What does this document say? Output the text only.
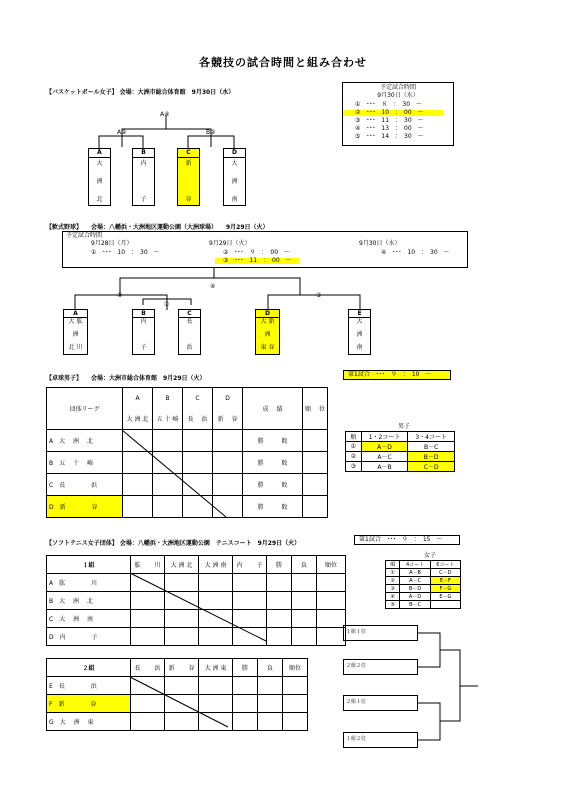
各競技の試合時間と組み合わせ
【バスケットボール女子】 会場：大洲市総合体育館　9月30日（水）
A④
A②	B②
A
大
洲
北
B
内
子
C
新
谷
D
大
洲
南
予定試合時間
9月30日（水）
①　･･･　８　：　30　～
②　･･･　10　：　00　～
③　･･･　11　：　30　～
④　･･･　13　：　00　～
⑤　･･･　14　：　30　～
【軟式野球】　　会場：八幡浜・大洲地区運動公園（大洲球場）　　9月29日（火）
予定試合時間
9月28日（月）
①　･･･　10　：　30　～
9月29日（火）
②　･･･　９　：　00　～
③　･･･　11　：　00　～
9月30日（水）
④　･･･　10　：　30　～
④
②
①
③
A
大 肱
洲
北 川
B
内
子
C
長
浜
D
大 新
洲
東 谷
E
大
洲
南
【卓球男子】　　会場：大洲市総合体育館　9月29日（火）
第1試合　･･･　９　：　10　～
団体リーグ	A	B	C	D	成　 績	順　 位
	大 洲 北	五 十 崎	長　 浜	新　 谷		
A　 大　 洲　 北					勝　　　敗	
B　 五　 十　 崎					勝　　　敗	
C　 長　　　　 浜					勝　　　敗	
D　 新　　　　 谷					勝　　　敗	
男子
順	1・2コート	3・4コート
①	A－D	B－C
②	A－C	B－D
③	A－B	C－D
【ソフトテニス女子団体】 会場：八幡浜・大洲地区運動公園　テニスコート　9月29日（火）
第1試合　･･･　９　：　15　～
１組	肱　　 川	大 洲 北	大 洲 南	内　　 子	勝	負	順位
A　 肱　　　　 川							
B　 大　 洲　 北							
C　 大　 洲　 南							
D　 内　　　　 子							
２組	長　　 浜	新　　 谷	大 洲 東	勝	負	順位
E　 長　　　　 浜						
F　 新　　　　 谷						
G　 大　 洲　 東						
女子
順	4コート	6コート
①	A－B	C－D
②	A－C	E－F
③	B－D	F－G
④	A－D	E－G
⑤	B－C	
１組１位
２組２位
２組１位
１組２位
